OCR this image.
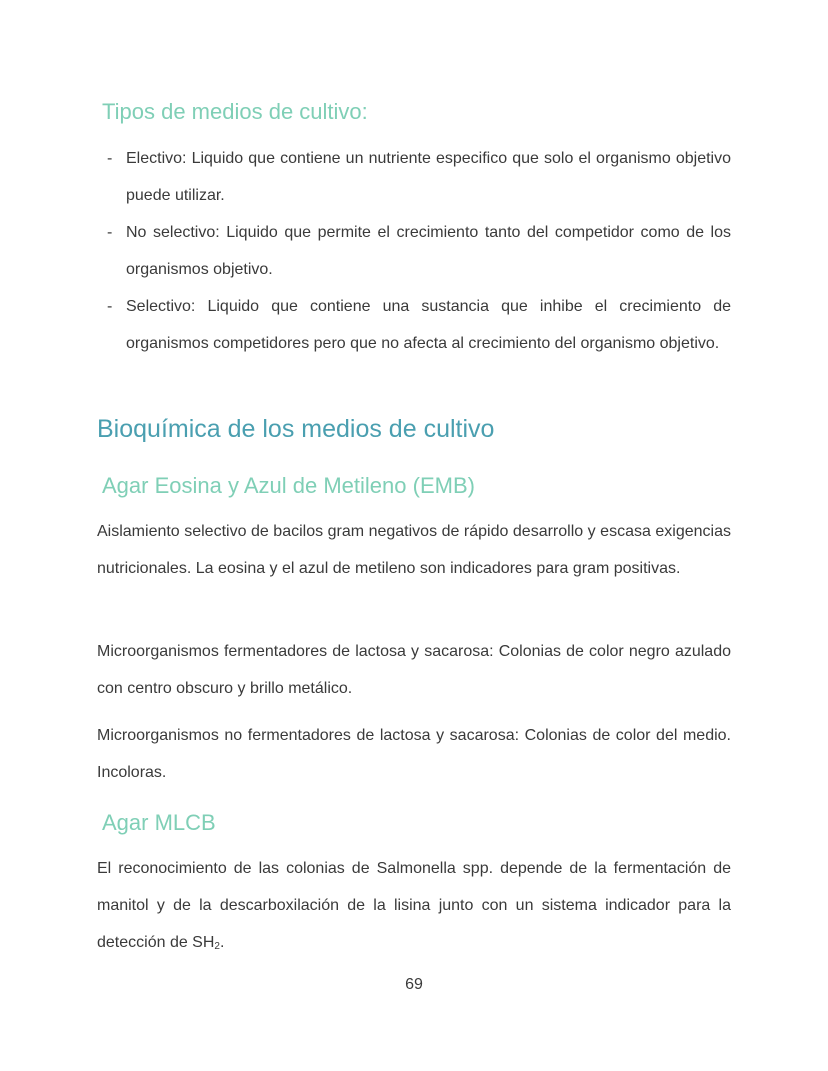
Tipos de medios de cultivo:
- Electivo: Liquido que contiene un nutriente especifico que solo el organismo objetivo puede utilizar.
- No selectivo: Liquido que permite el crecimiento tanto del competidor como de los organismos objetivo.
- Selectivo: Liquido que contiene una sustancia que inhibe el crecimiento de organismos competidores pero que no afecta al crecimiento del organismo objetivo.
Bioquímica de los medios de cultivo
Agar Eosina y Azul de Metileno (EMB)

Aislamiento selectivo de bacilos gram negativos de rápido desarrollo y escasa exigencias nutricionales. La eosina y el azul de metileno son indicadores para gram positivas.

Microorganismos fermentadores de lactosa y sacarosa: Colonias de color negro azulado con centro obscuro y brillo metálico.

Microorganismos no fermentadores de lactosa y sacarosa: Colonias de color del medio. Incoloras.

Agar MLCB

El reconocimiento de las colonias de Salmonella spp. depende de la fermentación de manitol y de la descarboxilación de la lisina junto con un sistema indicador para la detección de $SH_2$.

69
